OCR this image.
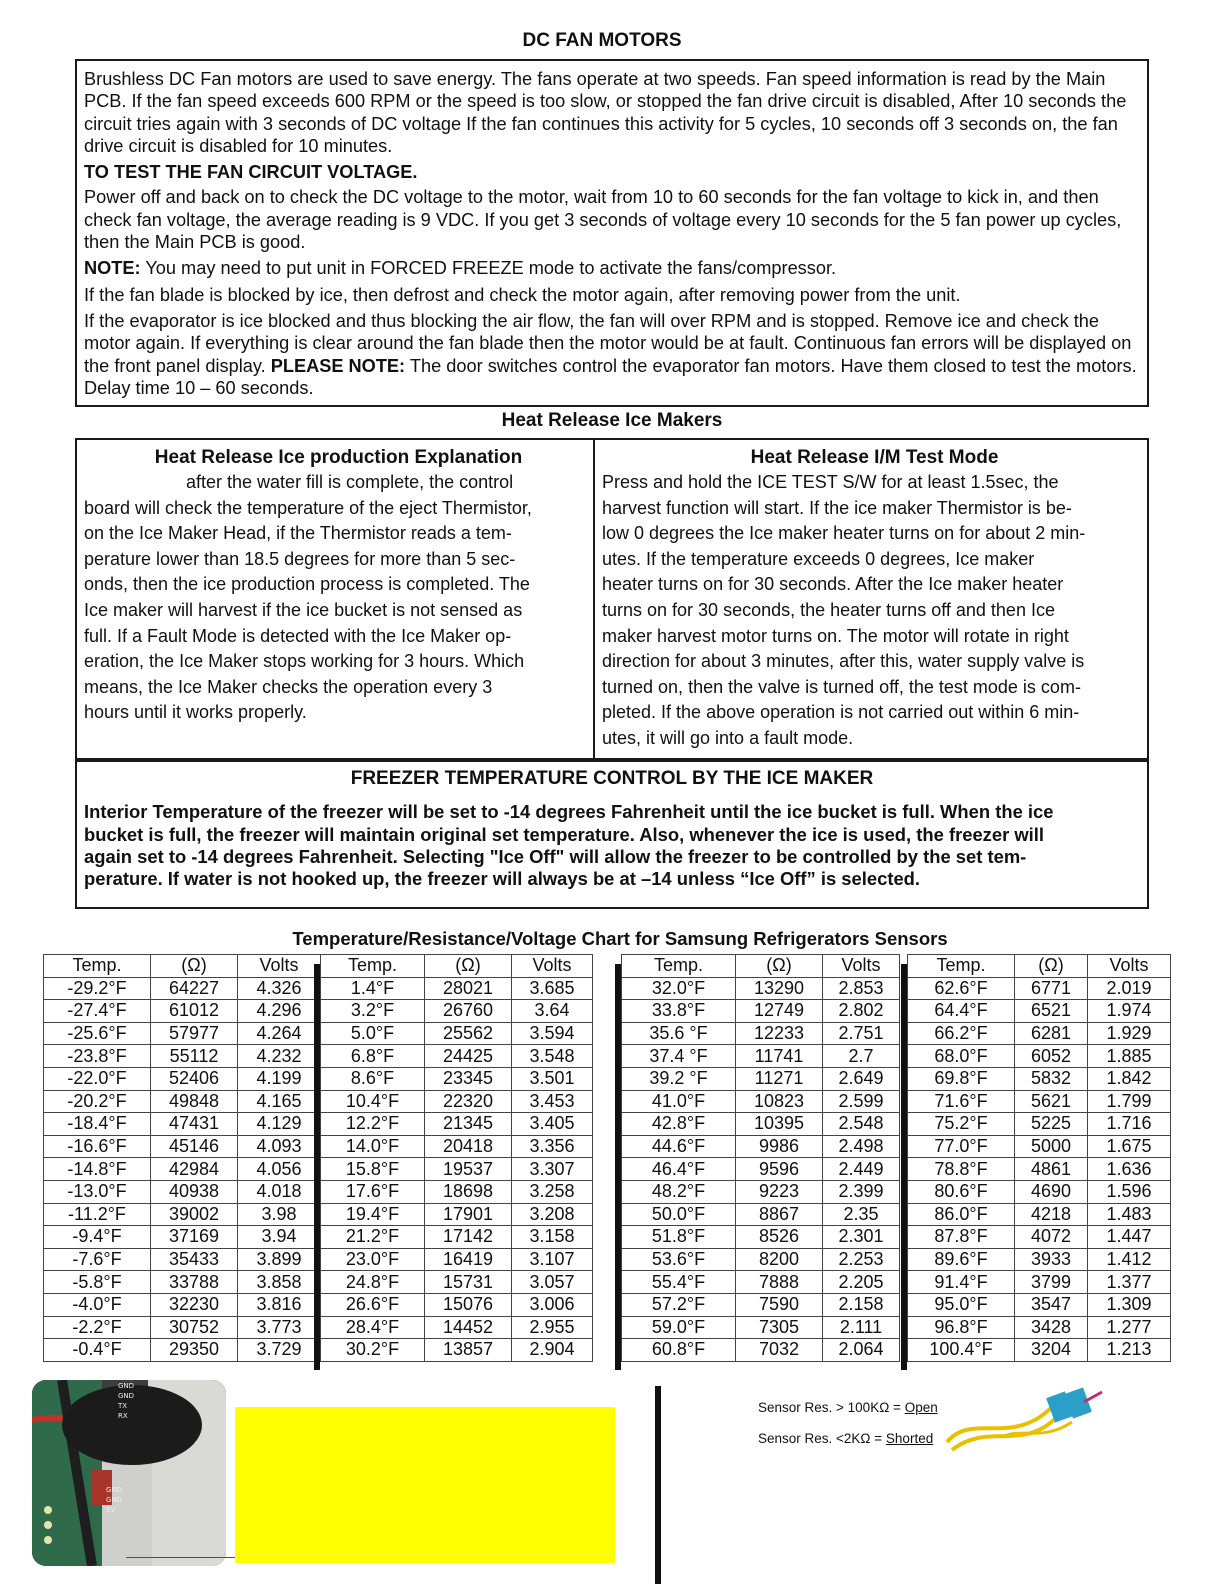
DC FAN MOTORS

Brushless DC Fan motors are used to save energy. The fans operate at two speeds. Fan speed information is read by the Main PCB. If the fan speed exceeds 600 RPM or the speed is too slow, or stopped the fan drive circuit is disabled, After 10 seconds the circuit tries again with 3 seconds of DC voltage If the fan continues this activity for 5 cycles, 10 seconds off 3 seconds on, the fan drive circuit is disabled for 10 minutes.

TO TEST THE FAN CIRCUIT VOLTAGE.

Power off and back on to check the DC voltage to the motor, wait from 10 to 60 seconds for the fan voltage to kick in, and then check fan voltage, the average reading is 9 VDC. If you get 3 seconds of voltage every 10 seconds for the 5 fan power up cycles, then the Main PCB is good.

NOTE: You may need to put unit in FORCED FREEZE mode to activate the fans/compressor.

If the fan blade is blocked by ice, then defrost and check the motor again, after removing power from the unit.

If the evaporator is ice blocked and thus blocking the air flow, the fan will over RPM and is stopped. Remove ice and check the motor again. If everything is clear around the fan blade then the motor would be at fault. Continuous fan errors will be displayed on the front panel display. PLEASE NOTE: The door switches control the evaporator fan motors. Have them closed to test the motors. Delay time 10 – 60 seconds.

Heat Release Ice Makers

Heat Release Ice production Explanation

after the water fill is complete, the control

board will check the temperature of the eject Thermistor,

on the Ice Maker Head, if the Thermistor reads a tem-

perature lower than 18.5 degrees for more than 5 sec-

onds, then the ice production process is completed. The

Ice maker will harvest if the ice bucket is not sensed as

full. If a Fault Mode is detected with the Ice Maker op-

eration, the Ice Maker stops working for 3 hours. Which

means, the Ice Maker checks the operation every 3

hours until it works properly.

Heat Release I/M Test Mode

Press and hold the ICE TEST S/W for at least 1.5sec, the

harvest function will start. If the ice maker Thermistor is be-

low 0 degrees the Ice maker heater turns on for about 2 min-

utes. If the temperature exceeds 0 degrees, Ice maker

heater turns on for 30 seconds. After the Ice maker heater

turns on for 30 seconds, the heater turns off and then Ice

maker harvest motor turns on. The motor will rotate in right

direction for about 3 minutes, after this, water supply valve is

turned on, then the valve is turned off, the test mode is com-

pleted. If the above operation is not carried out within 6 min-

utes, it will go into a fault mode.

FREEZER TEMPERATURE CONTROL BY THE ICE MAKER

Interior Temperature of the freezer will be set to -14 degrees Fahrenheit until the ice bucket is full. When the ice

bucket is full, the freezer will maintain original set temperature. Also, whenever the ice is used, the freezer will

again set to -14 degrees Fahrenheit. Selecting "Ice Off" will allow the freezer to be controlled by the set tem-

perature. If water is not hooked up, the freezer will always be at –14 unless “Ice Off” is selected.

Temperature/Resistance/Voltage Chart for Samsung Refrigerators Sensors
Temp.	(Ω)	Volts
-29.2°F	64227	4.326
-27.4°F	61012	4.296
-25.6°F	57977	4.264
-23.8°F	55112	4.232
-22.0°F	52406	4.199
-20.2°F	49848	4.165
-18.4°F	47431	4.129
-16.6°F	45146	4.093
-14.8°F	42984	4.056
-13.0°F	40938	4.018
-11.2°F	39002	3.98
-9.4°F	37169	3.94
-7.6°F	35433	3.899
-5.8°F	33788	3.858
-4.0°F	32230	3.816
-2.2°F	30752	3.773
-0.4°F	29350	3.729
Temp.	(Ω)	Volts
1.4°F	28021	3.685
3.2°F	26760	3.64
5.0°F	25562	3.594
6.8°F	24425	3.548
8.6°F	23345	3.501
10.4°F	22320	3.453
12.2°F	21345	3.405
14.0°F	20418	3.356
15.8°F	19537	3.307
17.6°F	18698	3.258
19.4°F	17901	3.208
21.2°F	17142	3.158
23.0°F	16419	3.107
24.8°F	15731	3.057
26.6°F	15076	3.006
28.4°F	14452	2.955
30.2°F	13857	2.904
Temp.	(Ω)	Volts
32.0°F	13290	2.853
33.8°F	12749	2.802
35.6 °F	12233	2.751
37.4 °F	11741	2.7
39.2 °F	11271	2.649
41.0°F	10823	2.599
42.8°F	10395	2.548
44.6°F	9986	2.498
46.4°F	9596	2.449
48.2°F	9223	2.399
50.0°F	8867	2.35
51.8°F	8526	2.301
53.6°F	8200	2.253
55.4°F	7888	2.205
57.2°F	7590	2.158
59.0°F	7305	2.111
60.8°F	7032	2.064
Temp.	(Ω)	Volts
62.6°F	6771	2.019
64.4°F	6521	1.974
66.2°F	6281	1.929
68.0°F	6052	1.885
69.8°F	5832	1.842
71.6°F	5621	1.799
75.2°F	5225	1.716
77.0°F	5000	1.675
78.8°F	4861	1.636
80.6°F	4690	1.596
86.0°F	4218	1.483
87.8°F	4072	1.447
89.6°F	3933	1.412
91.4°F	3799	1.377
95.0°F	3547	1.309
96.8°F	3428	1.277
100.4°F	3204	1.213
GND
GND
TX
RX
GND
GND
5V
Sensor Res. > 100KΩ = Open
Sensor Res. <2KΩ = Shorted
